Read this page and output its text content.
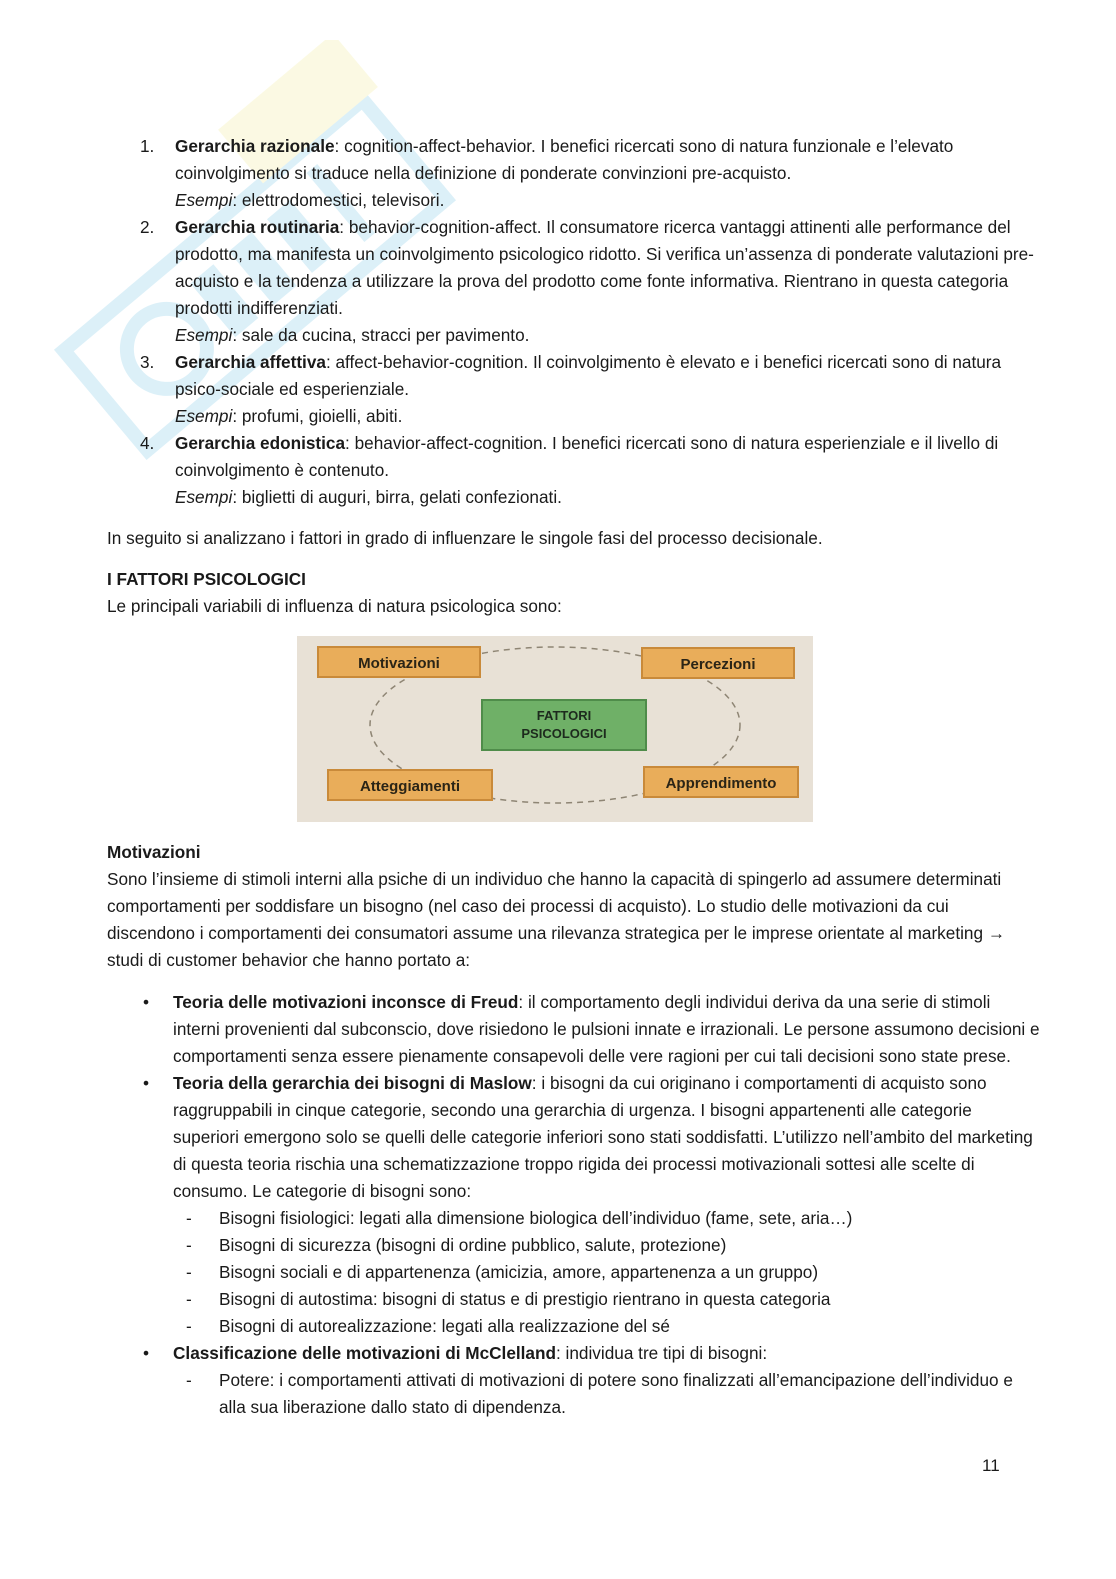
1.	Gerarchia razionale: cognition-affect-behavior. I benefici ricercati sono di natura funzionale e l’elevato coinvolgimento si traduce nella definizione di ponderate convinzioni pre-acquisto.

Esempi: elettrodomestici, televisori.

2.	Gerarchia routinaria: behavior-cognition-affect. Il consumatore ricerca vantaggi attinenti alle performance del prodotto, ma manifesta un coinvolgimento psicologico ridotto. Si verifica un’assenza di ponderate valutazioni pre-acquisto e la tendenza a utilizzare la prova del prodotto come fonte informativa. Rientrano in questa categoria prodotti indifferenziati.

Esempi: sale da cucina, stracci per pavimento.

3.	Gerarchia affettiva: affect-behavior-cognition. Il coinvolgimento è elevato e i benefici ricercati sono di natura psico-sociale ed esperienziale.

Esempi: profumi, gioielli, abiti.

4.	Gerarchia edonistica: behavior-affect-cognition. I benefici ricercati sono di natura esperienziale e il livello di coinvolgimento è contenuto.

Esempi: biglietti di auguri, birra, gelati confezionati.

In seguito si analizzano i fattori in grado di influenzare le singole fasi del processo decisionale.

I FATTORI PSICOLOGICI

Le principali variabili di influenza di natura psicologica sono:

Motivazioni	Percezioni
FATTORI
PSICOLOGICI
Atteggiamenti	Apprendimento

Motivazioni

Sono l’insieme di stimoli interni alla psiche di un individuo che hanno la capacità di spingerlo ad assumere determinati comportamenti per soddisfare un bisogno (nel caso dei processi di acquisto). Lo studio delle motivazioni da cui discendono i comportamenti dei consumatori assume una rilevanza strategica per le imprese orientate al marketing → studi di customer behavior che hanno portato a:

• Teoria delle motivazioni inconsce di Freud: il comportamento degli individui deriva da una serie di stimoli interni provenienti dal subconscio, dove risiedono le pulsioni innate e irrazionali. Le persone assumono decisioni e comportamenti senza essere pienamente consapevoli delle vere ragioni per cui tali decisioni sono state prese.

• Teoria della gerarchia dei bisogni di Maslow: i bisogni da cui originano i comportamenti di acquisto sono raggruppabili in cinque categorie, secondo una gerarchia di urgenza. I bisogni appartenenti alle categorie superiori emergono solo se quelli delle categorie inferiori sono stati soddisfatti. L’utilizzo nell’ambito del marketing di questa teoria rischia una schematizzazione troppo rigida dei processi motivazionali sottesi alle scelte di consumo. Le categorie di bisogni sono:

- Bisogni fisiologici: legati alla dimensione biologica dell’individuo (fame, sete, aria…)
- Bisogni di sicurezza (bisogni di ordine pubblico, salute, protezione)
- Bisogni sociali e di appartenenza (amicizia, amore, appartenenza a un gruppo)
- Bisogni di autostima: bisogni di status e di prestigio rientrano in questa categoria
- Bisogni di autorealizzazione: legati alla realizzazione del sé
• Classificazione delle motivazioni di McClelland: individua tre tipi di bisogni:

- Potere: i comportamenti attivati di motivazioni di potere sono finalizzati all’emancipazione dell’individuo e alla sua liberazione dallo stato di dipendenza.
11
